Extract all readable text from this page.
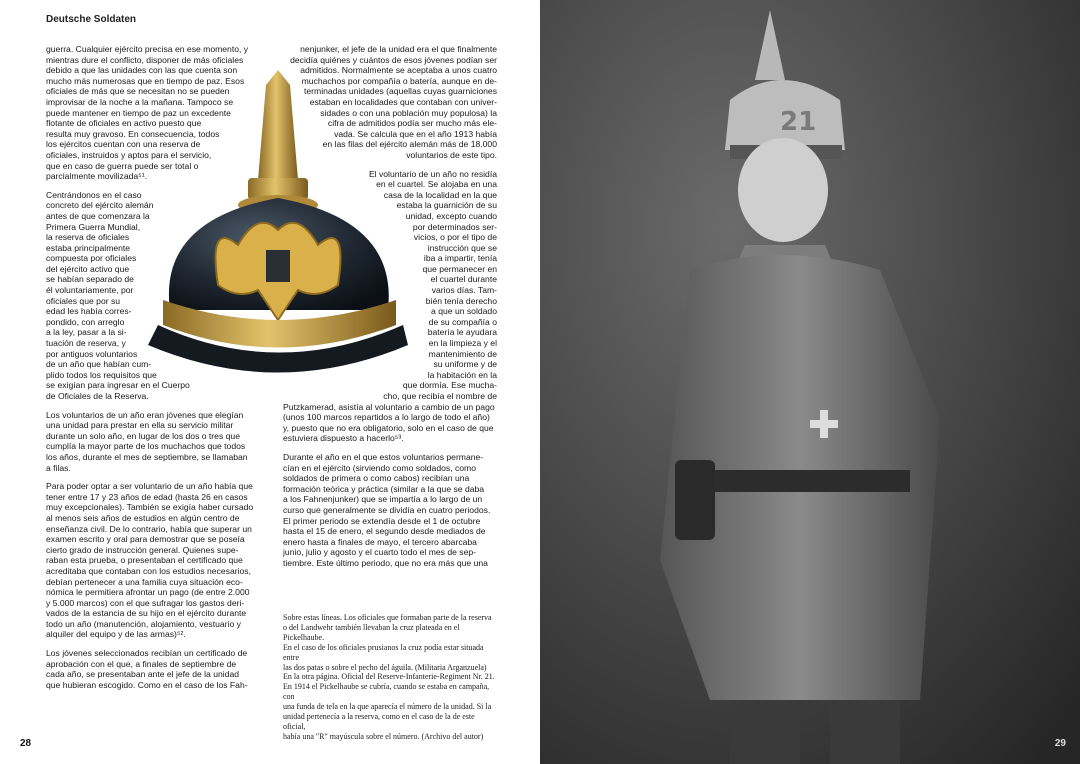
Deutsche Soldaten

guerra. Cualquier ejército precisa en ese momento, y
mientras dure el conflicto, disponer de más oficiales
debido a que las unidades con las que cuenta son
mucho más numerosas que en tiempo de paz. Esos
oficiales de más que se necesitan no se pueden
improvisar de la noche a la mañana. Tampoco se
puede mantener en tiempo de paz un excedente
flotante de oficiales en activo puesto que
resulta muy gravoso. En consecuencia, todos
los ejércitos cuentan con una reserva de
oficiales, instruidos y aptos para el servicio,
que en caso de guerra puede ser total o
parcialmente movilizada⁵¹.

Centrándonos en el caso
concreto del ejército alemán
antes de que comenzara la
Primera Guerra Mundial,
la reserva de oficiales
estaba principalmente
compuesta por oficiales
del ejército activo que
se habían separado de
él voluntariamente, por
oficiales que por su
edad les había corres-
pondido, con arreglo
a la ley, pasar a la si-
tuación de reserva, y
por antiguos voluntarios
de un año que habían cum-
plido todos los requisitos que
se exigían para ingresar en el Cuerpo
de Oficiales de la Reserva.

Los voluntarios de un año eran jóvenes que elegían
una unidad para prestar en ella su servicio militar
durante un solo año, en lugar de los dos o tres que
cumplía la mayor parte de los muchachos que todos
los años, durante el mes de septiembre, se llamaban
a filas.

Para poder optar a ser voluntario de un año había que
tener entre 17 y 23 años de edad (hasta 26 en casos
muy excepcionales). También se exigía haber cursado
al menos seis años de estudios en algún centro de
enseñanza civil. De lo contrario, había que superar un
examen escrito y oral para demostrar que se poseía
cierto grado de instrucción general. Quienes supe-
raban esta prueba, o presentaban el certificado que
acreditaba que contaban con los estudios necesarios,
debían pertenecer a una familia cuya situación eco-
nómica le permitiera afrontar un pago (de entre 2.000
y 5.000 marcos) con el que sufragar los gastos deri-
vados de la estancia de su hijo en el ejército durante
todo un año (manutención, alojamiento, vestuario y
alquiler del equipo y de las armas)⁵².

Los jóvenes seleccionados recibían un certificado de
aprobación con el que, a finales de septiembre de
cada año, se presentaban ante el jefe de la unidad
que hubieran escogido. Como en el caso de los Fah-

nenjunker, el jefe de la unidad era el que finalmente
decidía quiénes y cuántos de esos jóvenes podían ser
admitidos. Normalmente se aceptaba a unos cuatro
muchachos por compañía o batería, aunque en de-
terminadas unidades (aquellas cuyas guarniciones
estaban en localidades que contaban con univer-
sidades o con una población muy populosa) la
cifra de admitidos podía ser mucho más ele-
vada. Se calcula que en el año 1913 había
en las filas del ejército alemán más de 18.000
voluntarios de este tipo.

El voluntario de un año no residía
en el cuartel. Se alojaba en una
casa de la localidad en la que
estaba la guarnición de su
unidad, excepto cuando
por determinados ser-
vicios, o por el tipo de
instrucción que se
iba a impartir, tenía
que permanecer en
el cuartel durante
varios días. Tam-
bién tenía derecho
a que un soldado
de su compañía o
batería le ayudara
en la limpieza y el
mantenimiento de
su uniforme y de
la habitación en la
que dormía. Ese mucha-
cho, que recibía el nombre de

Putzkamerad, asistía al voluntario a cambio de un pago
(unos 100 marcos repartidos a lo largo de todo el año)
y, puesto que no era obligatorio, solo en el caso de que
estuviera dispuesto a hacerlo⁵³.

Durante el año en el que estos voluntarios permane-
cían en el ejército (sirviendo como soldados, como
soldados de primera o como cabos) recibían una
formación teórica y práctica (similar a la que se daba
a los Fahnenjunker) que se impartía a lo largo de un
curso que generalmente se dividía en cuatro periodos.
El primer periodo se extendía desde el 1 de octubre
hasta el 15 de enero, el segundo desde mediados de
enero hasta a finales de mayo, el tercero abarcaba
junio, julio y agosto y el cuarto todo el mes de sep-
tiembre. Este último periodo, que no era más que una

Sobre estas líneas. Los oficiales que formaban parte de la reserva
o del Landwehr también llevaban la cruz plateada en el Pickelhaube.
En el caso de los oficiales prusianos la cruz podía estar situada entre
las dos patas o sobre el pecho del águila. (Militaria Arganzuela)
En la otra página. Oficial del Reserve-Infanterie-Regiment Nr. 21.
En 1914 el Pickelhaube se cubría, cuando se estaba en campaña, con
una funda de tela en la que aparecía el número de la unidad. Si la
unidad pertenecía a la reserva, como en el caso de la de este oficial,
había una "R" mayúscula sobre el número. (Archivo del autor)
28
21
29
